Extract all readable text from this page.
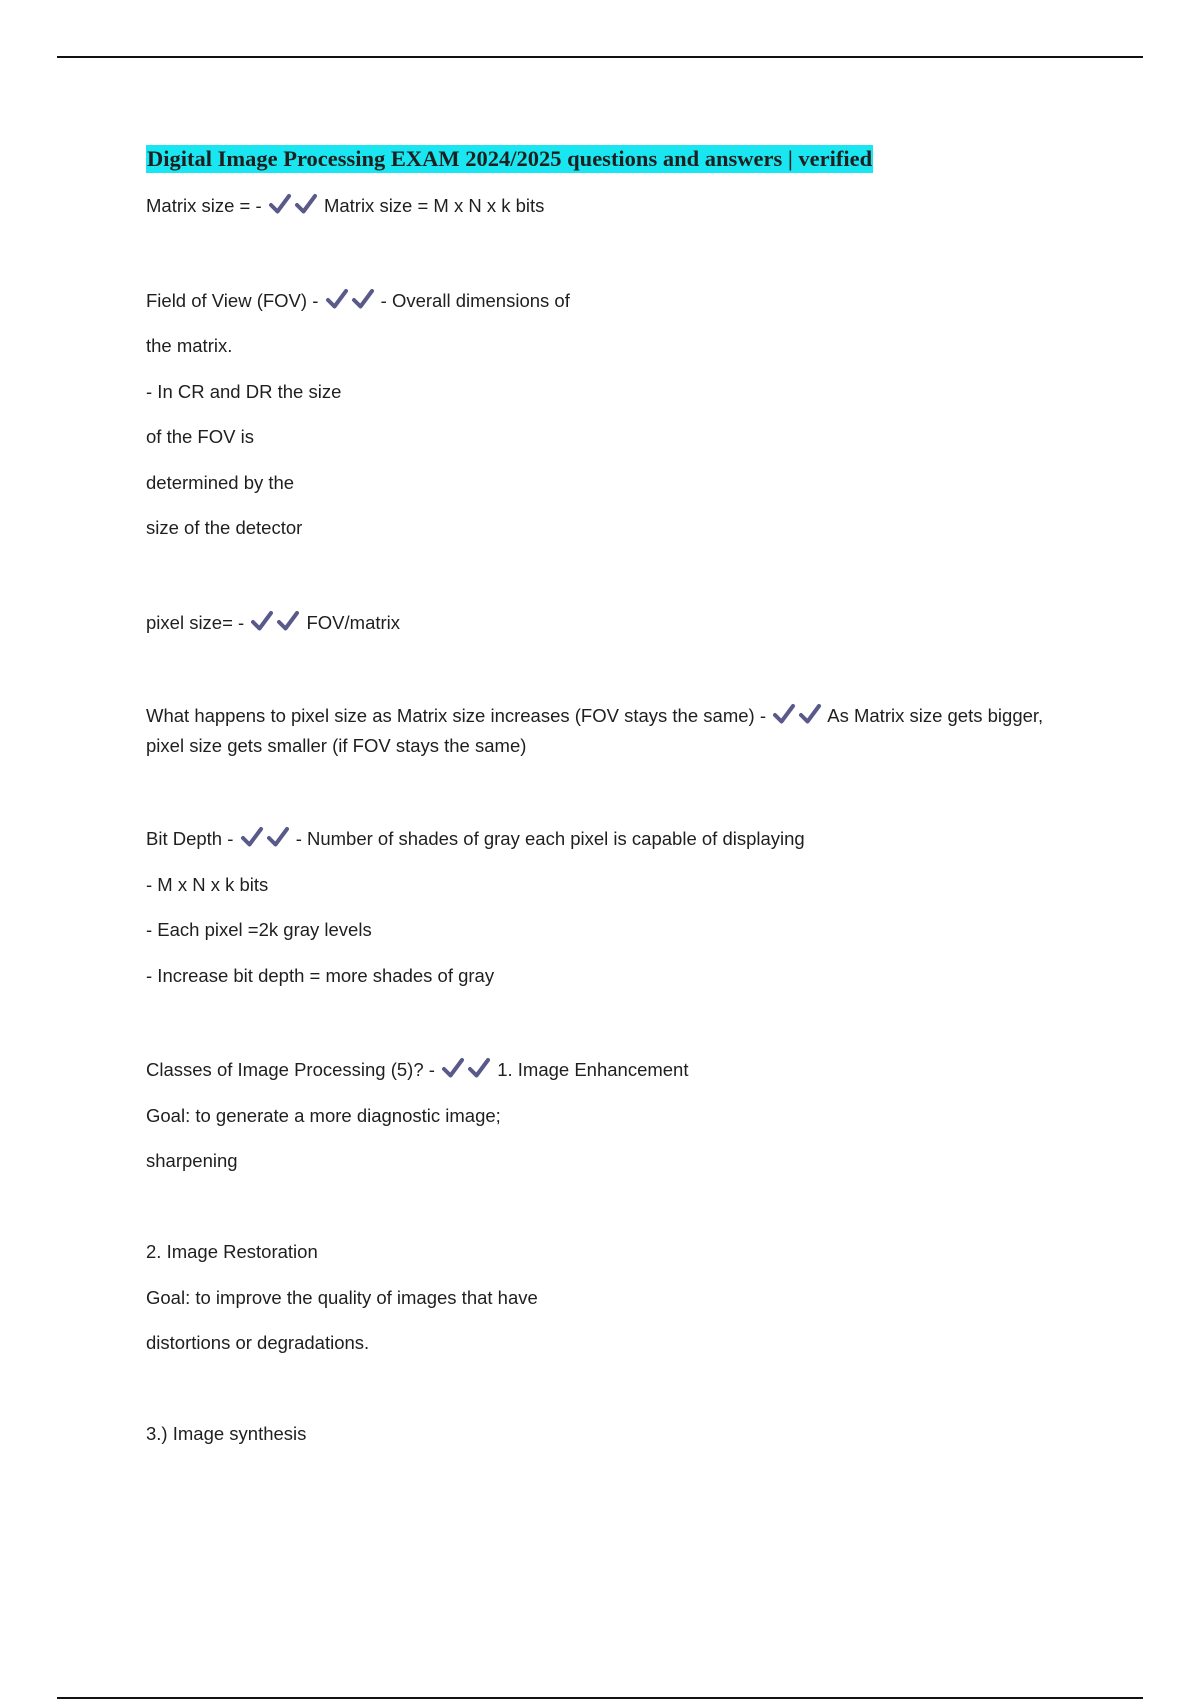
Digital Image Processing EXAM 2024/2025 questions and answers | verified
Matrix size = -	Matrix size = M x N x k bits
Field of View (FOV) -	- Overall dimensions of
the matrix.
- In CR and DR the size
of the FOV is
determined by the
size of the detector
pixel size= -	FOV/matrix
What happens to pixel size as Matrix size increases (FOV stays the same) -	As Matrix size gets bigger, pixel size gets smaller (if FOV stays the same)
Bit Depth -	- Number of shades of gray each pixel is capable of displaying
- M x N x k bits
- Each pixel =2k gray levels
- Increase bit depth = more shades of gray
Classes of Image Processing (5)? -	1. Image Enhancement
Goal: to generate a more diagnostic image;
sharpening
2. Image Restoration
Goal: to improve the quality of images that have
distortions or degradations.
3.) Image synthesis
